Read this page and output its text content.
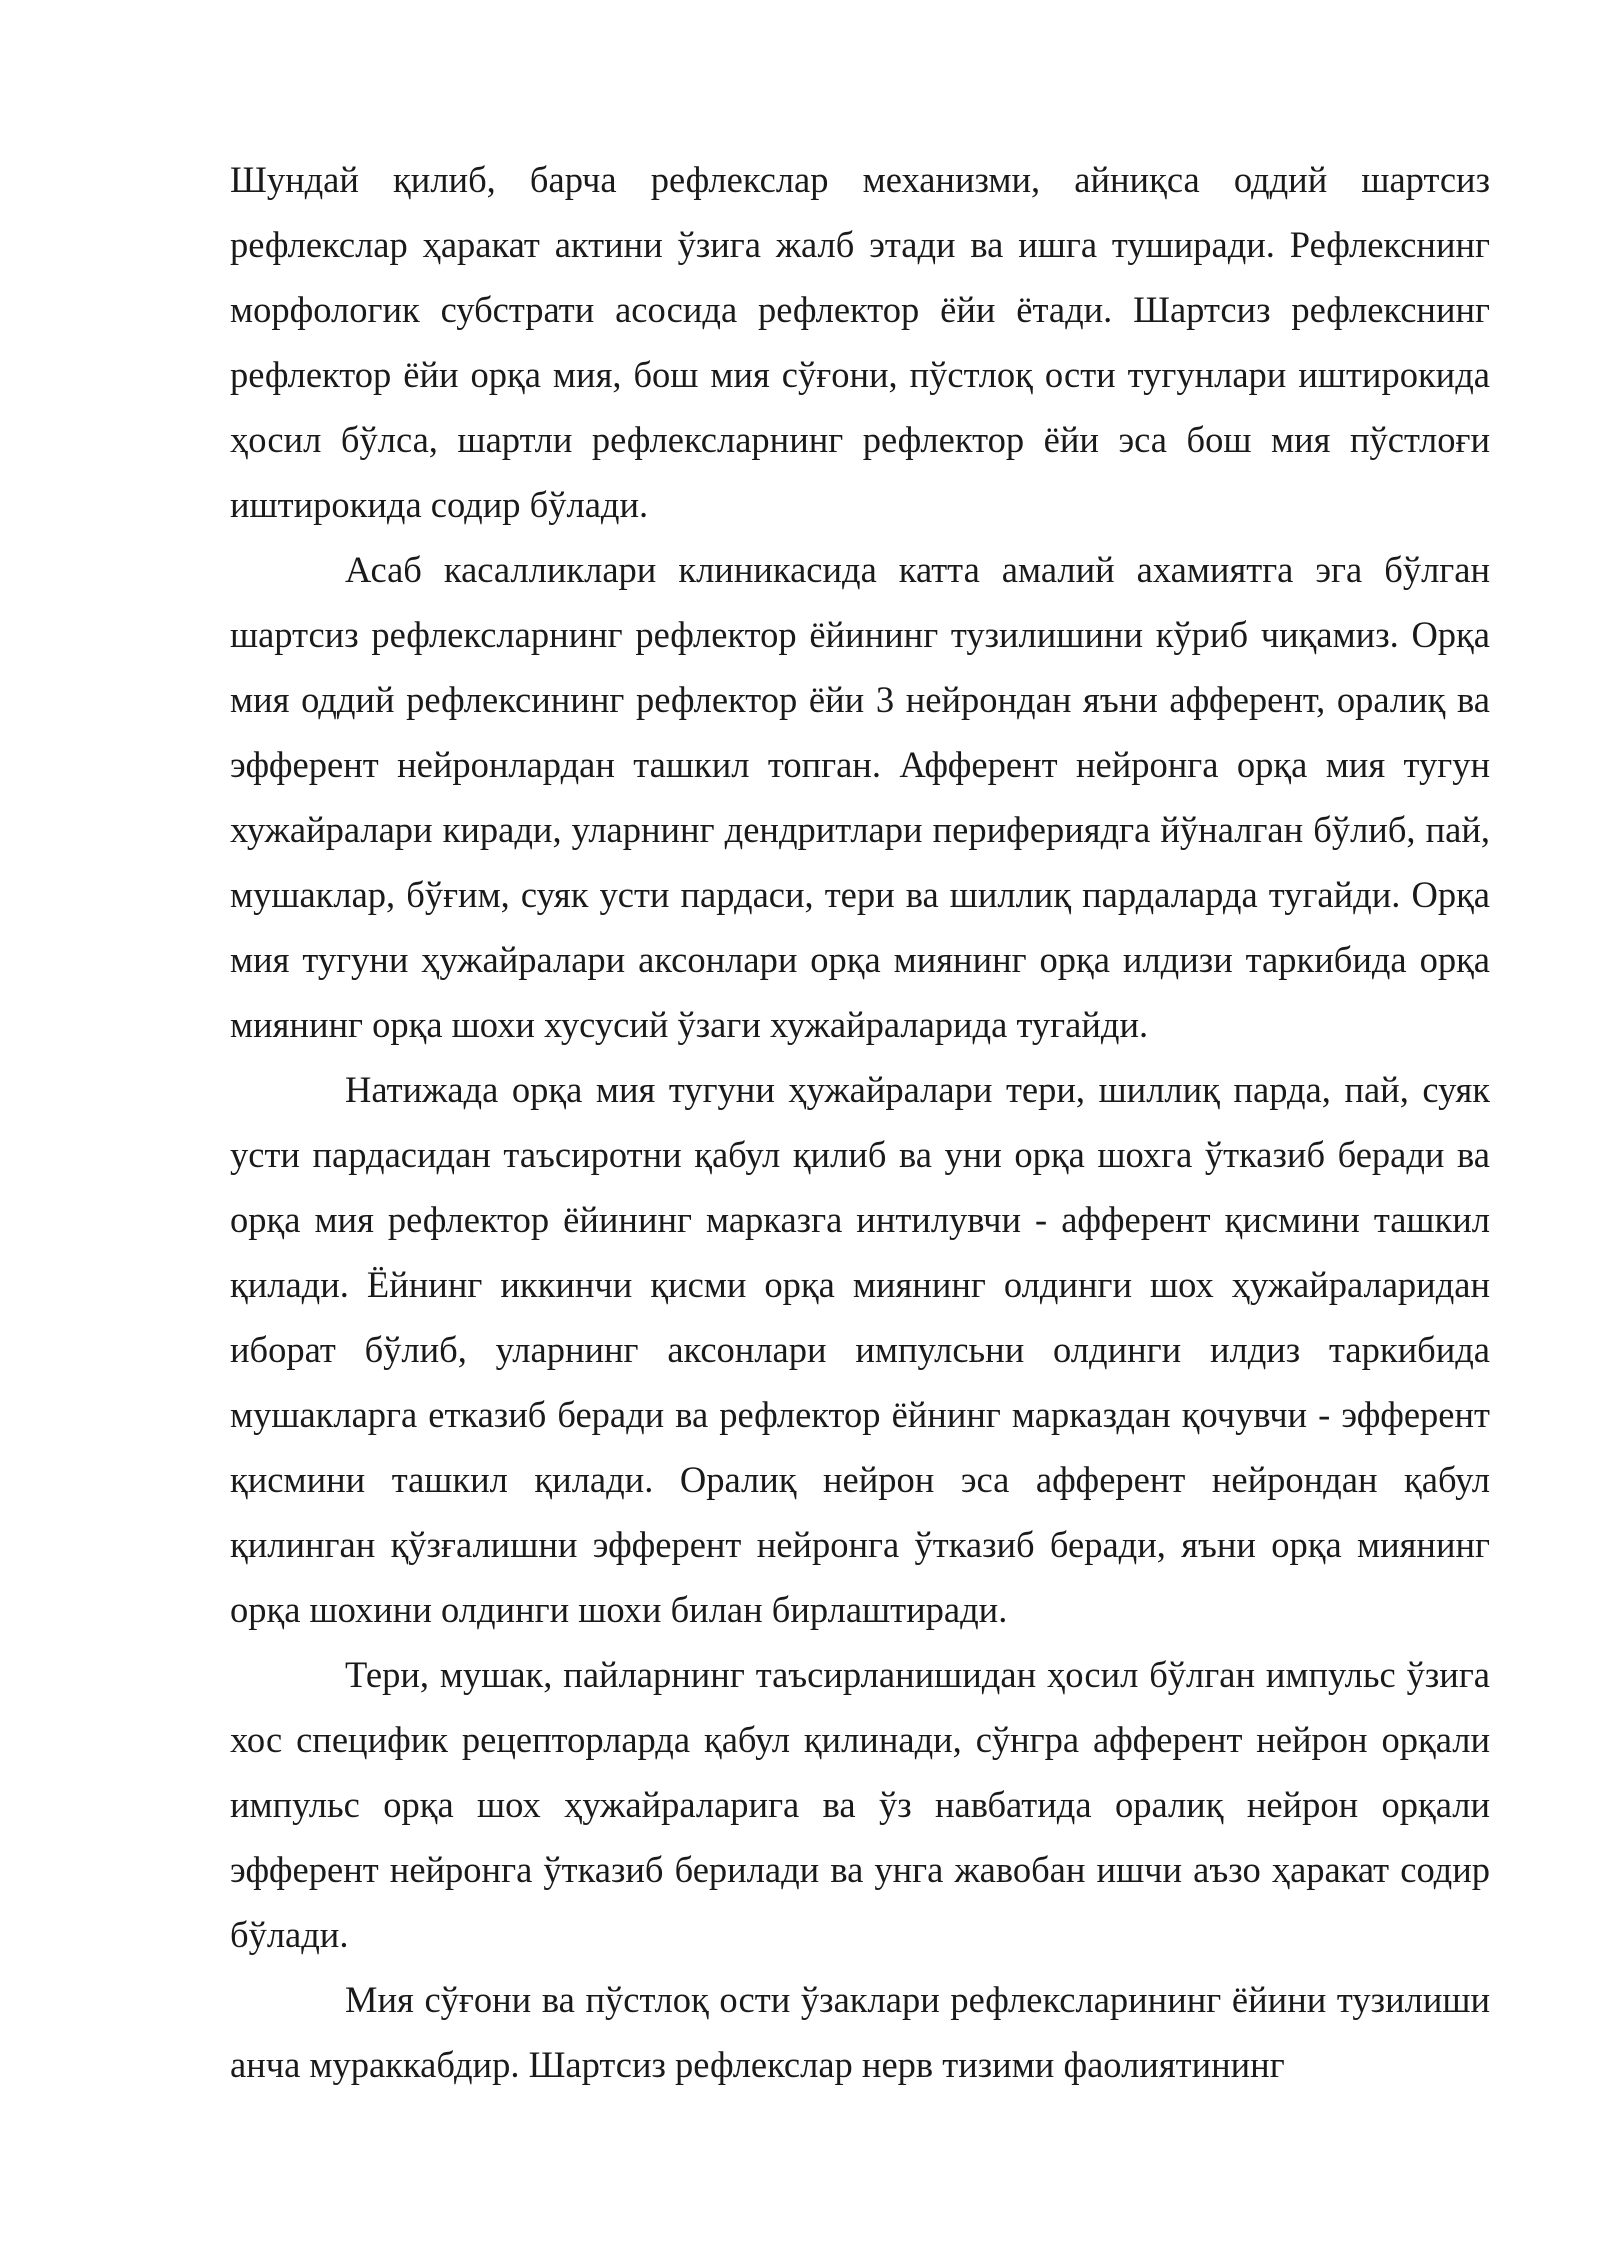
Шундай қилиб, барча рефлекслар механизми, айниқса оддий шартсиз рефлекслар ҳаракат актини ўзига жалб этади ва ишга туширади. Рефлекснинг морфологик субстрати асосида рефлектор ёйи ётади. Шартсиз рефлекснинг рефлектор ёйи орқа мия, бош мия сўғони, пўстлоқ ости тугунлари иштирокида ҳосил бўлса, шартли рефлексларнинг рефлектор ёйи эса бош мия пўстлоғи иштирокида содир бўлади.

Асаб касалликлари клиникасида катта амалий ахамиятга эга бўлган шартсиз рефлексларнинг рефлектор ёйининг тузилишини кўриб чиқамиз. Орқа мия оддий рефлексининг рефлектор ёйи 3 нейрондан яъни афферент, оралиқ ва эфферент нейронлардан ташкил топган. Афферент нейронга орқа мия тугун хужайралари киради, уларнинг дендритлари перифериядга йўналган бўлиб, пай, мушаклар, бўғим, суяк усти пардаси, тери ва шиллиқ пардаларда тугайди. Орқа мия тугуни ҳужайралари аксонлари орқа миянинг орқа илдизи таркибида орқа миянинг орқа шохи хусусий ўзаги хужайраларида тугайди.

Натижада орқа мия тугуни ҳужайралари тери, шиллиқ парда, пай, суяк усти пардасидан таъсиротни қабул қилиб ва уни орқа шохга ўтказиб беради ва орқа мия рефлектор ёйининг марказга интилувчи - афферент қисмини ташкил қилади. Ёйнинг иккинчи қисми орқа миянинг олдинги шох ҳужайраларидан иборат бўлиб, уларнинг аксонлари импулсьни олдинги илдиз таркибида мушакларга етказиб беради ва рефлектор ёйнинг марказдан қочувчи - эфферент қисмини ташкил қилади. Оралиқ нейрон эса афферент нейрондан қабул қилинган қўзғалишни эфферент нейронга ўтказиб беради, яъни орқа миянинг орқа шохини олдинги шохи билан бирлаштиради.

Тери, мушак, пайларнинг таъсирланишидан ҳосил бўлган импульс ўзига хос специфик рецепторларда қабул қилинади, сўнгра афферент нейрон орқали импульс орқа шох ҳужайраларига ва ўз навбатида оралиқ нейрон орқали эфферент нейронга ўтказиб берилади ва унга жавобан ишчи аъзо ҳаракат содир бўлади.

Мия сўғони ва пўстлоқ ости ўзаклари рефлексларининг ёйини тузилиши анча мураккабдир. Шартсиз рефлекслар нерв тизими фаолиятининг
